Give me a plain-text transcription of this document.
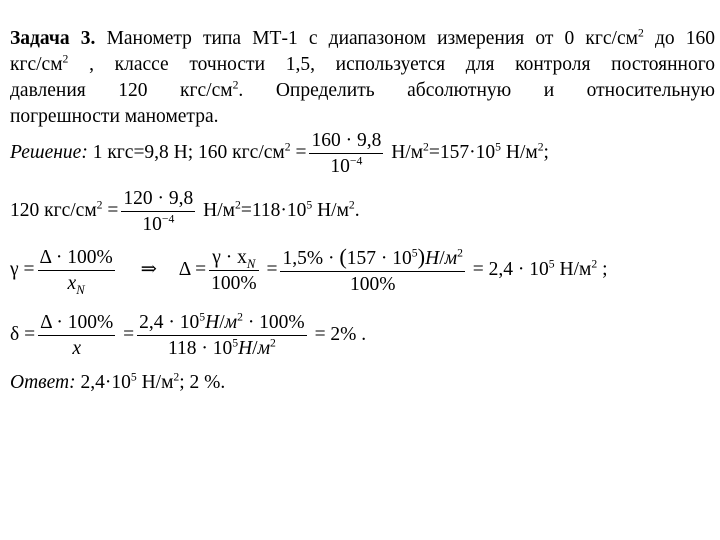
Задача 3. Манометр типа МТ-1 с диапазоном измерения от 0 кгс/$см^2$ до 160

кгс/$см^2$ , классе точности 1,5, используется для контроля постоянного

давления 120 кгс/$см^2$. Определить абсолютную и относительную

погрешности манометра.

Решение: 1 кгс=9,8 Н; 160 кгс/$см^2 = \frac{160 \cdot 9,8}{10^{-4}} Н/м^2=157\cdot 10^5$ $Н/м^2$;
120 кгс/$см^2 = \frac{120 \cdot 9,8}{10^{-4}} Н/м^2=118\cdot 10^5$ $Н/м^2$.
$\gamma = \frac{\Delta \cdot 100\%}{x_N}$ ⇒ $\Delta = \frac{\gamma \cdot x_N}{100\%} = \frac{1,5\% \cdot (157 \cdot 10^5)Н/м^2}{100\%} = 2,4 \cdot 10^5$ $Н/м^2$ ;
$\delta = \frac{\Delta \cdot 100\%}{x} = \frac{2,4 \cdot 10^5Н/м^2 \cdot 100\%}{118 \cdot 10^5Н/м^2} = 2\%$ .
Ответ: $2,4\cdot 10^5$ $Н/м^2$; 2 %.
